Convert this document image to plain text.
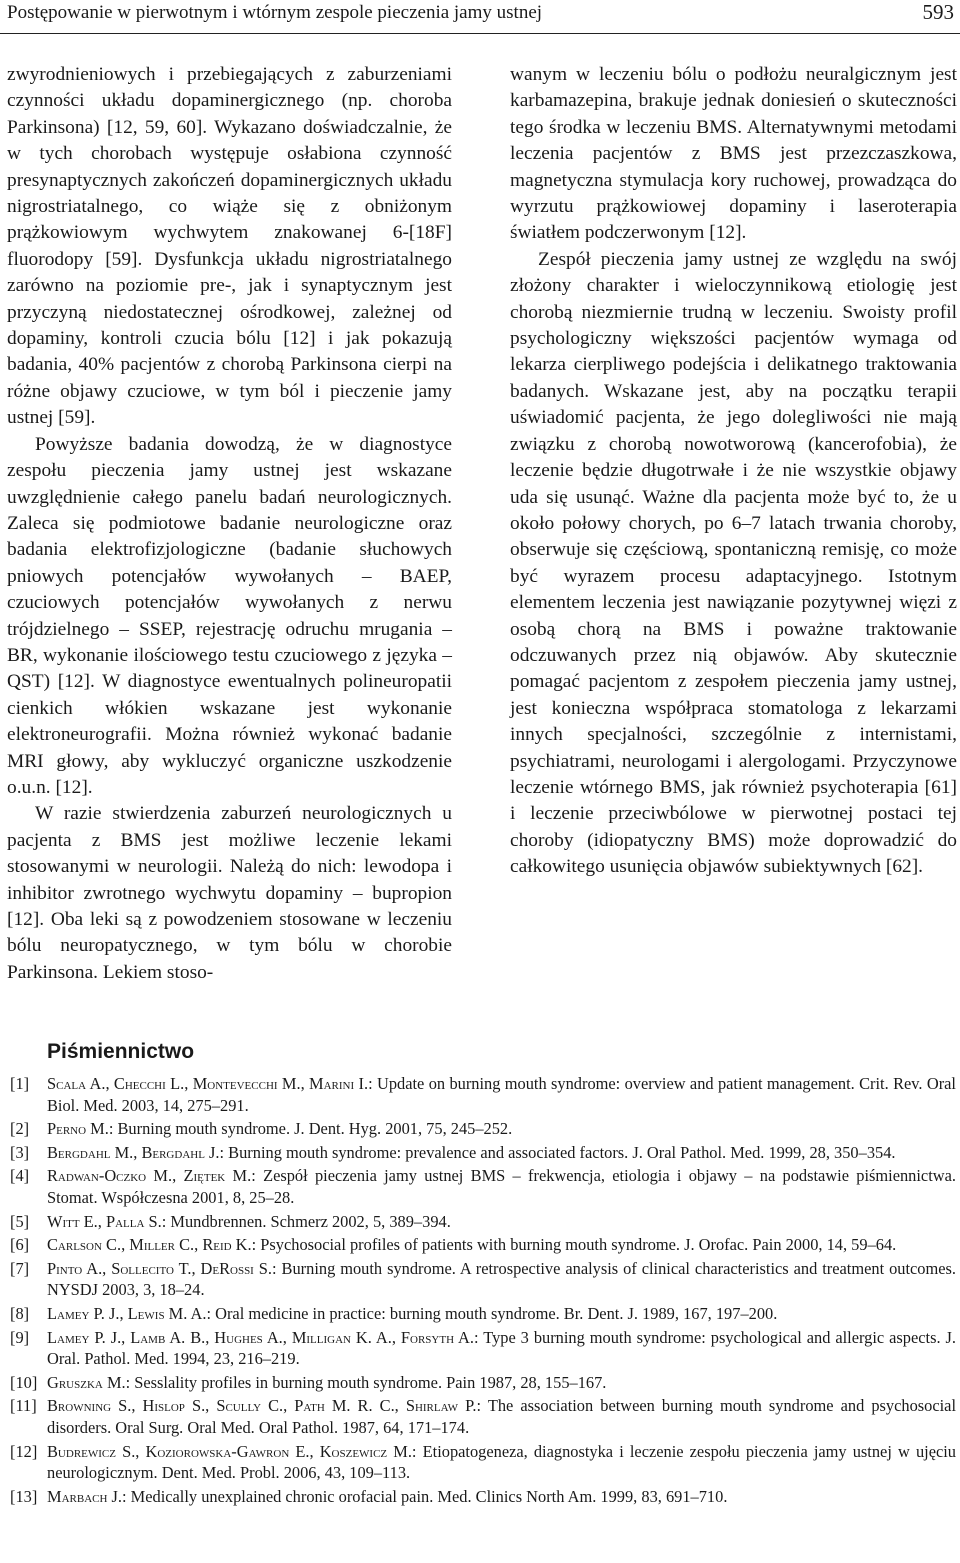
Postępowanie w pierwotnym i wtórnym zespole pieczenia jamy ustnej	593

zwyrodnieniowych i przebiegających z zaburzeniami czynności układu dopaminergicznego (np. choroba Parkinsona) [12, 59, 60]. Wykazano doświadczalnie, że w tych chorobach występuje osłabiona czynność presynaptycznych zakończeń dopaminergicznych układu nigrostriatalnego, co wiąże się z obniżonym prążkowiowym wychwytem znakowanej 6-[18F] fluorodopy [59]. Dysfunkcja układu nigrostriatalnego zarówno na poziomie pre-, jak i synaptycznym jest przyczyną niedostatecznej ośrodkowej, zależnej od dopaminy, kontroli czucia bólu [12] i jak pokazują badania, 40% pacjentów z chorobą Parkinsona cierpi na różne objawy czuciowe, w tym ból i pieczenie jamy ustnej [59].

Powyższe badania dowodzą, że w diagnostyce zespołu pieczenia jamy ustnej jest wskazane uwzględnienie całego panelu badań neurologicznych. Zaleca się podmiotowe badanie neurologiczne oraz badania elektrofizjologiczne (badanie słuchowych pniowych potencjałów wywołanych – BAEP, czuciowych potencjałów wywołanych z nerwu trójdzielnego – SSEP, rejestrację odruchu mrugania – BR, wykonanie ilościowego testu czuciowego z języka – QST) [12]. W diagnostyce ewentualnych polineuropatii cienkich włókien wskazane jest wykonanie elektroneurografii. Można również wykonać badanie MRI głowy, aby wykluczyć organiczne uszkodzenie o.u.n. [12].

W razie stwierdzenia zaburzeń neurologicznych u pacjenta z BMS jest możliwe leczenie lekami stosowanymi w neurologii. Należą do nich: lewodopa i inhibitor zwrotnego wychwytu dopaminy – bupropion [12]. Oba leki są z powodzeniem stosowane w leczeniu bólu neuropatycznego, w tym bólu w chorobie Parkinsona. Lekiem stoso-

wanym w leczeniu bólu o podłożu neuralgicznym jest karbamazepina, brakuje jednak doniesień o skuteczności tego środka w leczeniu BMS. Alternatywnymi metodami leczenia pacjentów z BMS jest przezczaszkowa, magnetyczna stymulacja kory ruchowej, prowadząca do wyrzutu prążkowiowej dopaminy i laseroterapia światłem podczerwonym [12].

Zespół pieczenia jamy ustnej ze względu na swój złożony charakter i wieloczynnikową etiologię jest chorobą niezmiernie trudną w leczeniu. Swoisty profil psychologiczny większości pacjentów wymaga od lekarza cierpliwego podejścia i delikatnego traktowania badanych. Wskazane jest, aby na początku terapii uświadomić pacjenta, że jego dolegliwości nie mają związku z chorobą nowotworową (kancerofobia), że leczenie będzie długotrwałe i że nie wszystkie objawy uda się usunąć. Ważne dla pacjenta może być to, że u około połowy chorych, po 6–7 latach trwania choroby, obserwuje się częściową, spontaniczną remisję, co może być wyrazem procesu adaptacyjnego. Istotnym elementem leczenia jest nawiązanie pozytywnej więzi z osobą chorą na BMS i poważne traktowanie odczuwanych przez nią objawów. Aby skutecznie pomagać pacjentom z zespołem pieczenia jamy ustnej, jest konieczna współpraca stomatologa z lekarzami innych specjalności, szczególnie z internistami, psychiatrami, neurologami i alergologami. Przyczynowe leczenie wtórnego BMS, jak również psychoterapia [61] i leczenie przeciwbólowe w pierwotnej postaci tej choroby (idiopatyczny BMS) może doprowadzić do całkowitego usunięcia objawów subiektywnych [62].

Piśmiennictwo
[1] Scala A., Checchi L., Montevecchi M., Marini I.: Update on burning mouth syndrome: overview and patient management. Crit. Rev. Oral Biol. Med. 2003, 14, 275–291.
[2] Perno M.: Burning mouth syndrome. J. Dent. Hyg. 2001, 75, 245–252.
[3] Bergdahl M., Bergdahl J.: Burning mouth syndrome: prevalence and associated factors. J. Oral Pathol. Med. 1999, 28, 350–354.
[4] Radwan-Oczko M., Ziętek M.: Zespół pieczenia jamy ustnej BMS – frekwencja, etiologia i objawy – na podstawie piśmiennictwa. Stomat. Współczesna 2001, 8, 25–28.
[5] Witt E., Palla S.: Mundbrennen. Schmerz 2002, 5, 389–394.
[6] Carlson C., Miller C., Reid K.: Psychosocial profiles of patients with burning mouth syndrome. J. Orofac. Pain 2000, 14, 59–64.
[7] Pinto A., Sollecito T., DeRossi S.: Burning mouth syndrome. A retrospective analysis of clinical characteristics and treatment outcomes. NYSDJ 2003, 3, 18–24.
[8] Lamey P. J., Lewis M. A.: Oral medicine in practice: burning mouth syndrome. Br. Dent. J. 1989, 167, 197–200.
[9] Lamey P. J., Lamb A. B., Hughes A., Milligan K. A., Forsyth A.: Type 3 burning mouth syndrome: psychological and allergic aspects. J. Oral. Pathol. Med. 1994, 23, 216–219.
[10] Gruszka M.: Sesslality profiles in burning mouth syndrome. Pain 1987, 28, 155–167.
[11] Browning S., Hislop S., Scully C., Path M. R. C., Shirlaw P.: The association between burning mouth syndrome and psychosocial disorders. Oral Surg. Oral Med. Oral Pathol. 1987, 64, 171–174.
[12] Budrewicz S., Koziorowska-Gawron E., Koszewicz M.: Etiopatogeneza, diagnostyka i leczenie zespołu pieczenia jamy ustnej w ujęciu neurologicznym. Dent. Med. Probl. 2006, 43, 109–113.
[13] Marbach J.: Medically unexplained chronic orofacial pain. Med. Clinics North Am. 1999, 83, 691–710.
